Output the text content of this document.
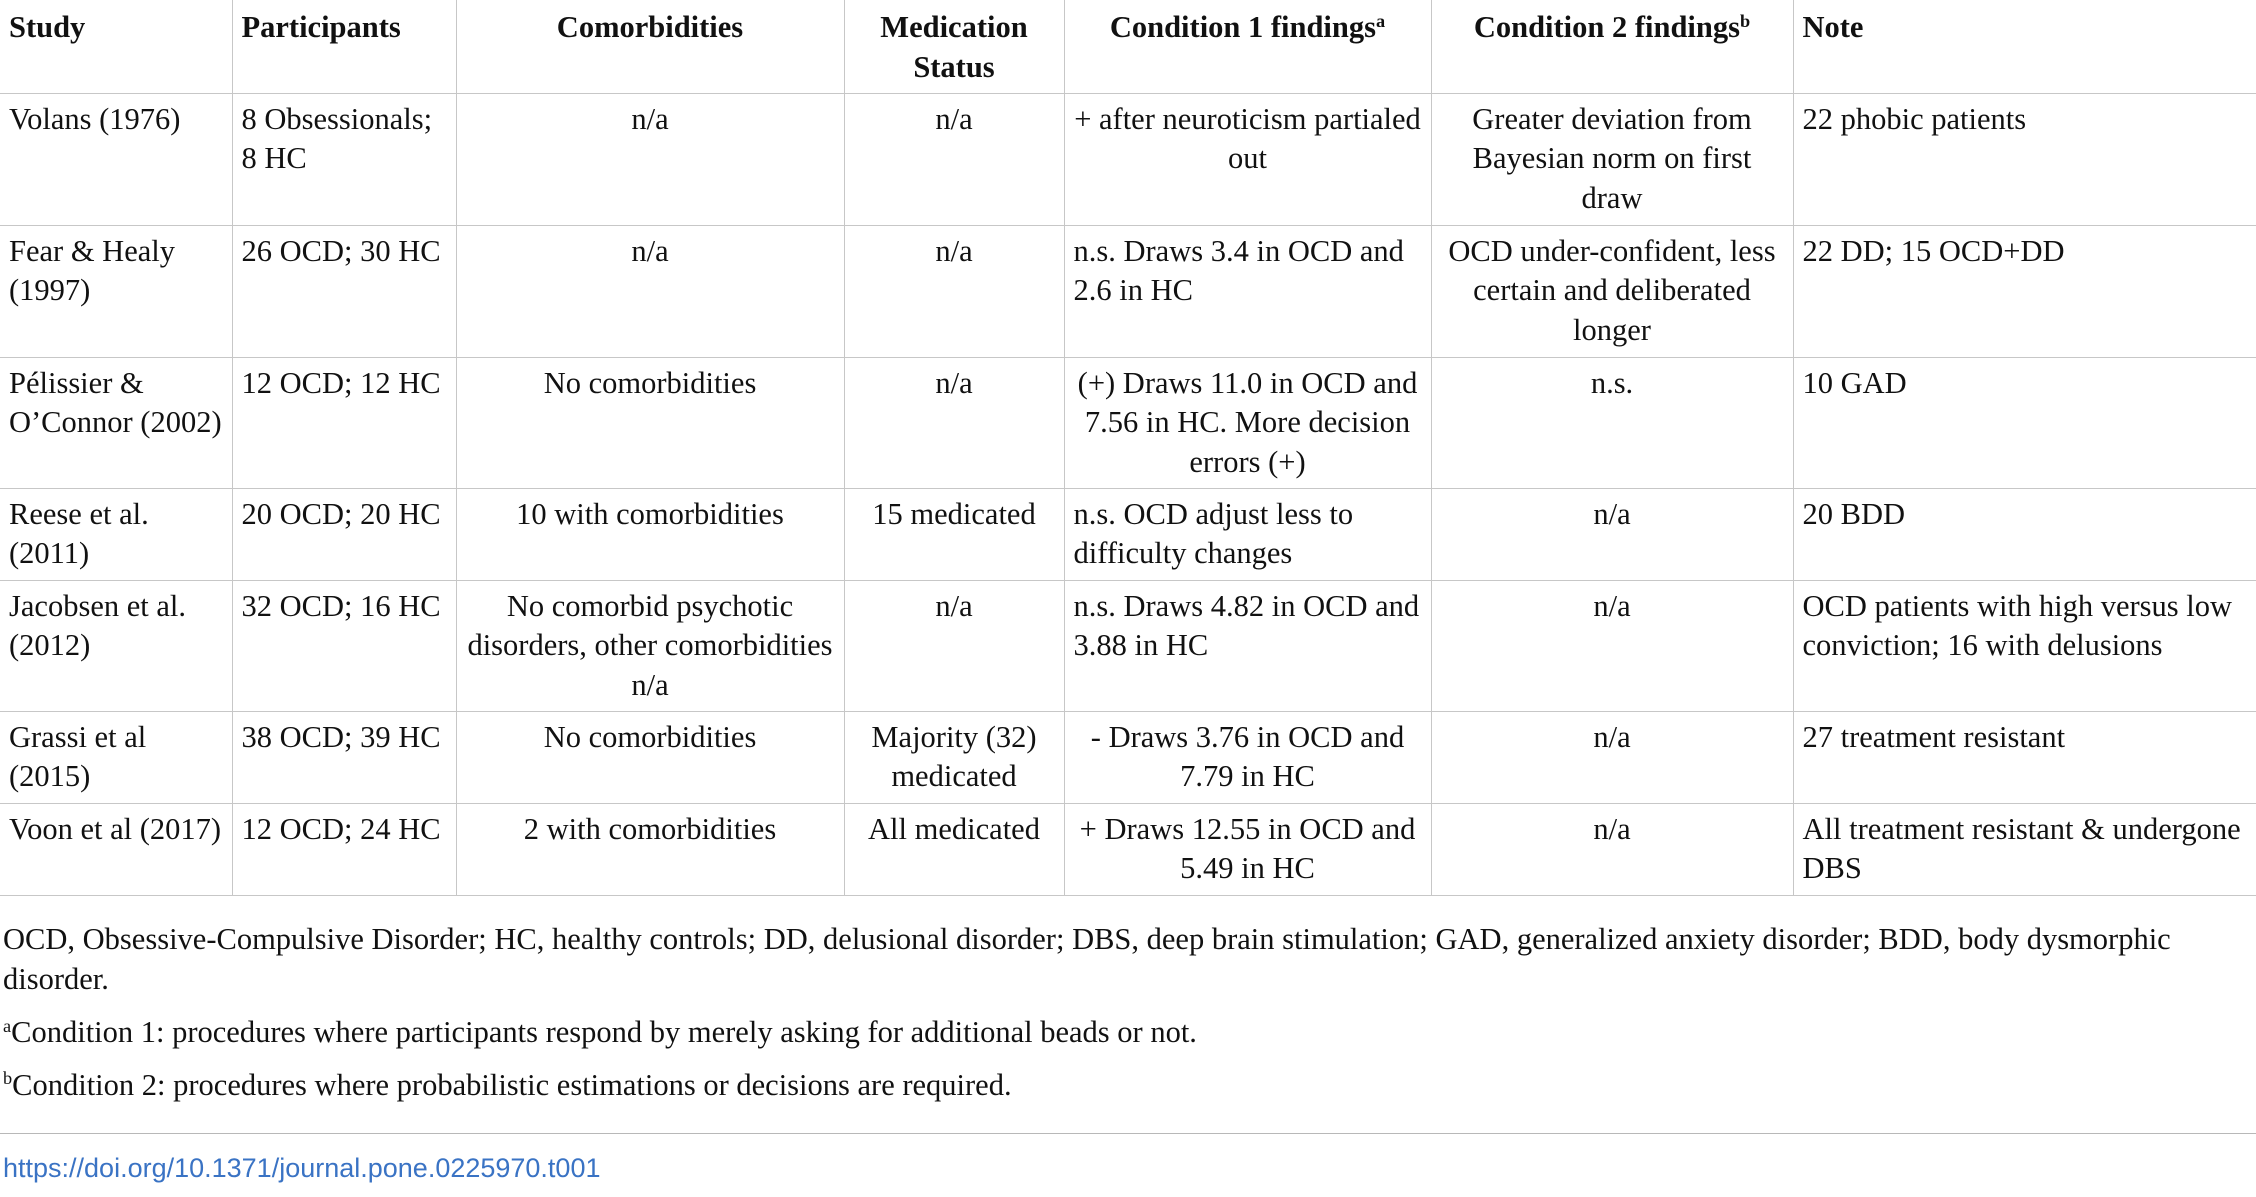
Study	Participants	Comorbidities	Medication Status	Condition 1 findings$^a$	Condition 2 findings$^b$	Note
Volans (1976)	8 Obsessionals; 8 HC	n/a	n/a	+ after neuroticism partialed out	Greater deviation from Bayesian norm on first draw	22 phobic patients
Fear & Healy (1997)	26 OCD; 30 HC	n/a	n/a	n.s. Draws 3.4 in OCD and 2.6 in HC	OCD under-confident, less certain and deliberated longer	22 DD; 15 OCD+DD
Pélissier & O’Connor (2002)	12 OCD; 12 HC	No comorbidities	n/a	(+) Draws 11.0 in OCD and 7.56 in HC. More decision errors (+)	n.s.	10 GAD
Reese et al. (2011)	20 OCD; 20 HC	10 with comorbidities	15 medicated	n.s. OCD adjust less to difficulty changes	n/a	20 BDD
Jacobsen et al. (2012)	32 OCD; 16 HC	No comorbid psychotic disorders, other comorbidities n/a	n/a	n.s. Draws 4.82 in OCD and 3.88 in HC	n/a	OCD patients with high versus low conviction; 16 with delusions
Grassi et al (2015)	38 OCD; 39 HC	No comorbidities	Majority (32) medicated	- Draws 3.76 in OCD and 7.79 in HC	n/a	27 treatment resistant
Voon et al (2017)	12 OCD; 24 HC	2 with comorbidities	All medicated	+ Draws 12.55 in OCD and 5.49 in HC	n/a	All treatment resistant & undergone DBS

OCD, Obsessive-Compulsive Disorder; HC, healthy controls; DD, delusional disorder; DBS, deep brain stimulation; GAD, generalized anxiety disorder; BDD, body dysmorphic disorder.

$^a$Condition 1: procedures where participants respond by merely asking for additional beads or not.

$^b$Condition 2: procedures where probabilistic estimations or decisions are required.

https://doi.org/10.1371/journal.pone.0225970.t001
